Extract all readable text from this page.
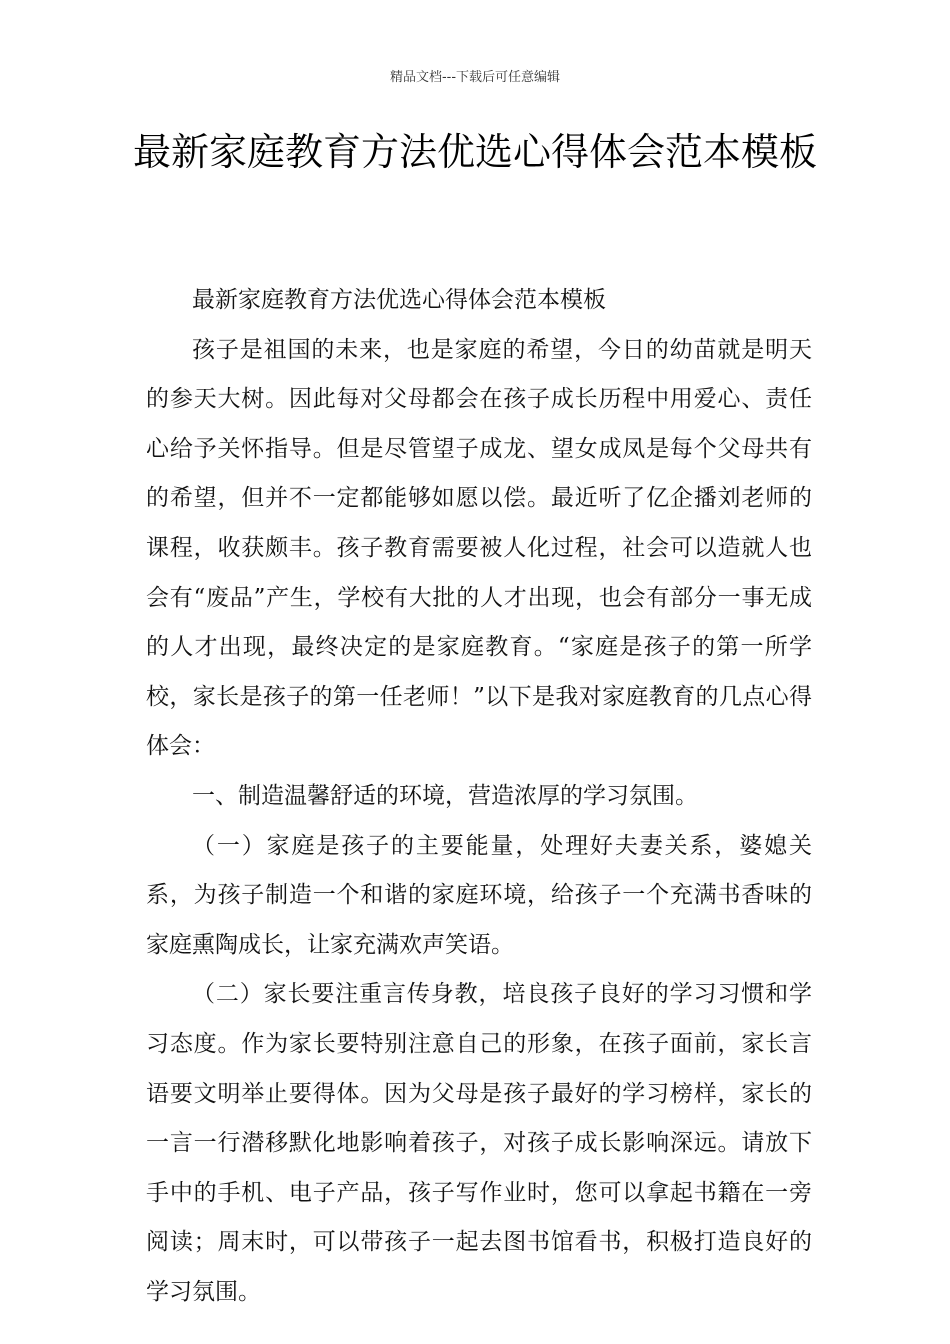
精品文档---下载后可任意编辑
最新家庭教育方法优选心得体会范本模板

最新家庭教育方法优选心得体会范本模板

孩子是祖国的未来，也是家庭的希望，今日的幼苗就是明天的参天大树。因此每对父母都会在孩子成长历程中用爱心、责任心给予关怀指导。但是尽管望子成龙、望女成凤是每个父母共有的希望，但并不一定都能够如愿以偿。最近听了亿企播刘老师的课程，收获颇丰。孩子教育需要被人化过程，社会可以造就人也会有“废品”产生，学校有大批的人才出现，也会有部分一事无成的人才出现，最终决定的是家庭教育。“家庭是孩子的第一所学校，家长是孩子的第一任老师！”以下是我对家庭教育的几点心得体会：

一、制造温馨舒适的环境，营造浓厚的学习氛围。

（一）家庭是孩子的主要能量，处理好夫妻关系，婆媳关系，为孩子制造一个和谐的家庭环境，给孩子一个充满书香味的家庭熏陶成长，让家充满欢声笑语。

（二）家长要注重言传身教，培良孩子良好的学习习惯和学习态度。作为家长要特别注意自己的形象，在孩子面前，家长言语要文明举止要得体。因为父母是孩子最好的学习榜样，家长的一言一行潜移默化地影响着孩子，对孩子成长影响深远。请放下手中的手机、电子产品，孩子写作业时，您可以拿起书籍在一旁阅读；周末时，可以带孩子一起去图书馆看书，积极打造良好的学习氛围。
